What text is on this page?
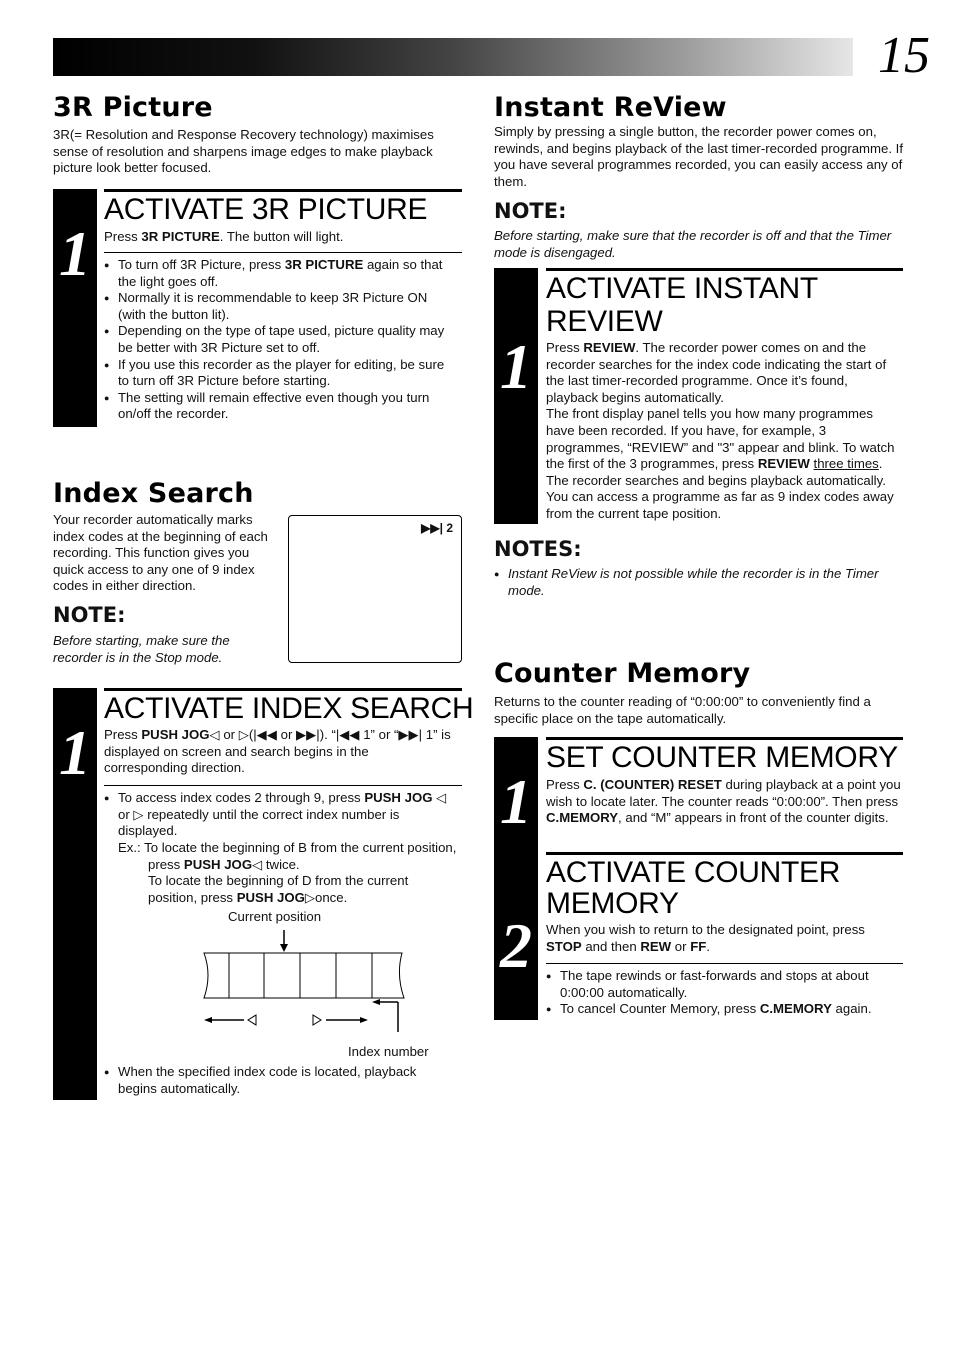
15
3R Picture
3R(= Resolution and Response Recovery technology) maximises sense of resolution and sharpens image edges to make playback picture look better focused.
1
ACTIVATE 3R PICTURE
Press 3R PICTURE. The button will light.
● To turn off 3R Picture, press 3R PICTURE again so that the light goes off.
● Normally it is recommendable to keep 3R Picture ON (with the button lit).
● Depending on the type of tape used, picture quality may be better with 3R Picture set to off.
● If you use this recorder as the player for editing, be sure to turn off 3R Picture before starting.
● The setting will remain effective even though you turn on/off the recorder.
Index Search
Your recorder automatically marks index codes at the beginning of each recording. This function gives you quick access to any one of 9 index codes in either direction.
▶▶| 2
NOTE:
Before starting, make sure the recorder is in the Stop mode.
1
ACTIVATE INDEX SEARCH
Press PUSH JOG◁ or ▷(|◀◀ or ▶▶|). “|◀◀ 1” or “▶▶| 1” is displayed on screen and search begins in the corresponding direction.
● To access index codes 2 through 9, press PUSH JOG ◁ or ▷ repeatedly until the correct index number is displayed.
Ex.: To locate the beginning of B from the current position, press PUSH JOG◁ twice.
To locate the beginning of D from the current position, press PUSH JOG▷once.
Current position
Index number
● When the specified index code is located, playback begins automatically.
Instant ReView
Simply by pressing a single button, the recorder power comes on, rewinds, and begins playback of the last timer-recorded programme. If you have several programmes recorded, you can easily access any of them.
NOTE:
Before starting, make sure that the recorder is off and that the Timer mode is disengaged.
1
ACTIVATE INSTANT
REVIEW
Press REVIEW. The recorder power comes on and the recorder searches for the index code indicating the start of the last timer-recorded programme. Once it’s found, playback begins automatically.
The front display panel tells you how many programmes have been recorded. If you have, for example, 3 programmes, “REVIEW” and "3" appear and blink. To watch the first of the 3 programmes, press REVIEW three times. The recorder searches and begins playback automatically. You can access a programme as far as 9 index codes away from the current tape position.
NOTES:
● Instant ReView is not possible while the recorder is in the Timer mode.
Counter Memory
Returns to the counter reading of “0:00:00” to conveniently find a specific place on the tape automatically.
1
2
SET COUNTER MEMORY
Press C. (COUNTER) RESET during playback at a point you wish to locate later. The counter reads “0:00:00”. Then press C.MEMORY, and “M” appears in front of the counter digits.
ACTIVATE COUNTER
MEMORY
When you wish to return to the designated point, press STOP and then REW or FF.
● The tape rewinds or fast-forwards and stops at about 0:00:00 automatically.
● To cancel Counter Memory, press C.MEMORY again.
